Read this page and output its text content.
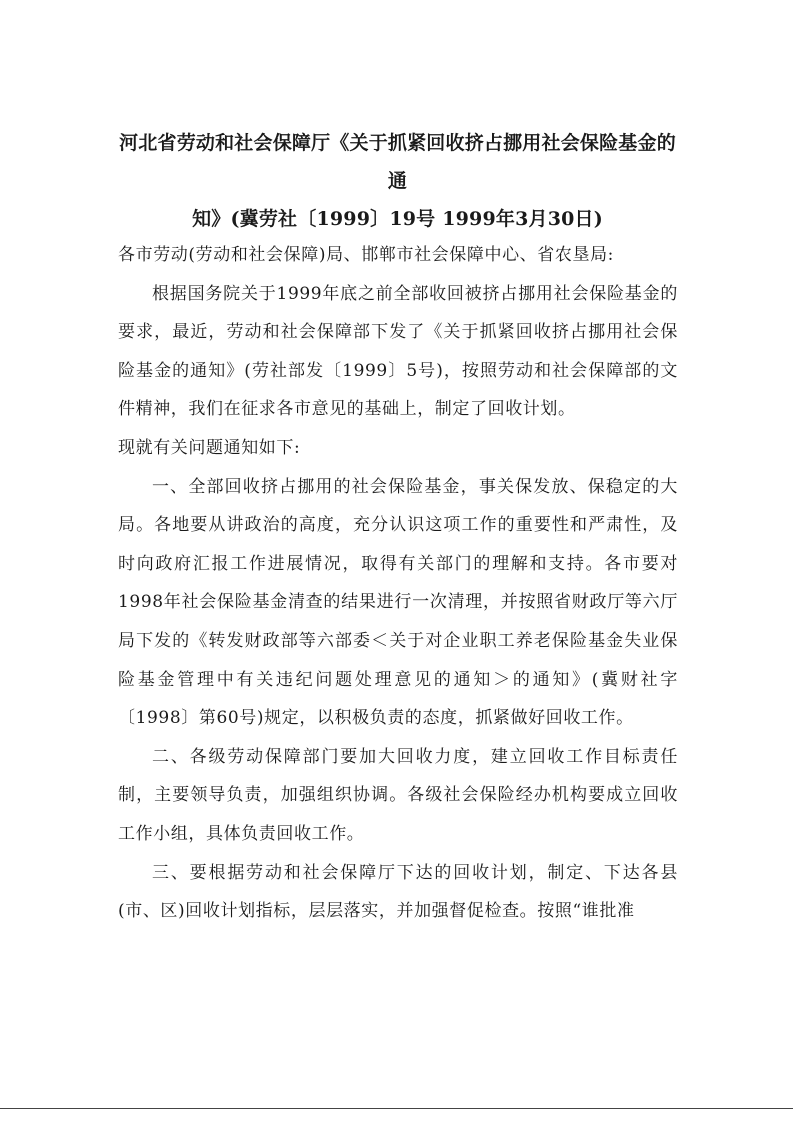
河北省劳动和社会保障厅《关于抓紧回收挤占挪用社会保险基金的通
知》(冀劳社〔1999〕19号 1999年3月30日)

各市劳动(劳动和社会保障)局、邯郸市社会保障中心、省农垦局:

根据国务院关于1999年底之前全部收回被挤占挪用社会保险基金的要求，最近，劳动和社会保障部下发了《关于抓紧回收挤占挪用社会保险基金的通知》(劳社部发〔1999〕5号)，按照劳动和社会保障部的文件精神，我们在征求各市意见的基础上，制定了回收计划。

现就有关问题通知如下:

一、全部回收挤占挪用的社会保险基金，事关保发放、保稳定的大局。各地要从讲政治的高度，充分认识这项工作的重要性和严肃性，及时向政府汇报工作进展情况，取得有关部门的理解和支持。各市要对1998年社会保险基金清查的结果进行一次清理，并按照省财政厅等六厅局下发的《转发财政部等六部委＜关于对企业职工养老保险基金失业保险基金管理中有关违纪问题处理意见的通知＞的通知》(冀财社字〔1998〕第60号)规定，以积极负责的态度，抓紧做好回收工作。

二、各级劳动保障部门要加大回收力度，建立回收工作目标责任制，主要领导负责，加强组织协调。各级社会保险经办机构要成立回收工作小组，具体负责回收工作。

三、要根据劳动和社会保障厅下达的回收计划，制定、下达各县(市、区)回收计划指标，层层落实，并加强督促检查。按照“谁批准
